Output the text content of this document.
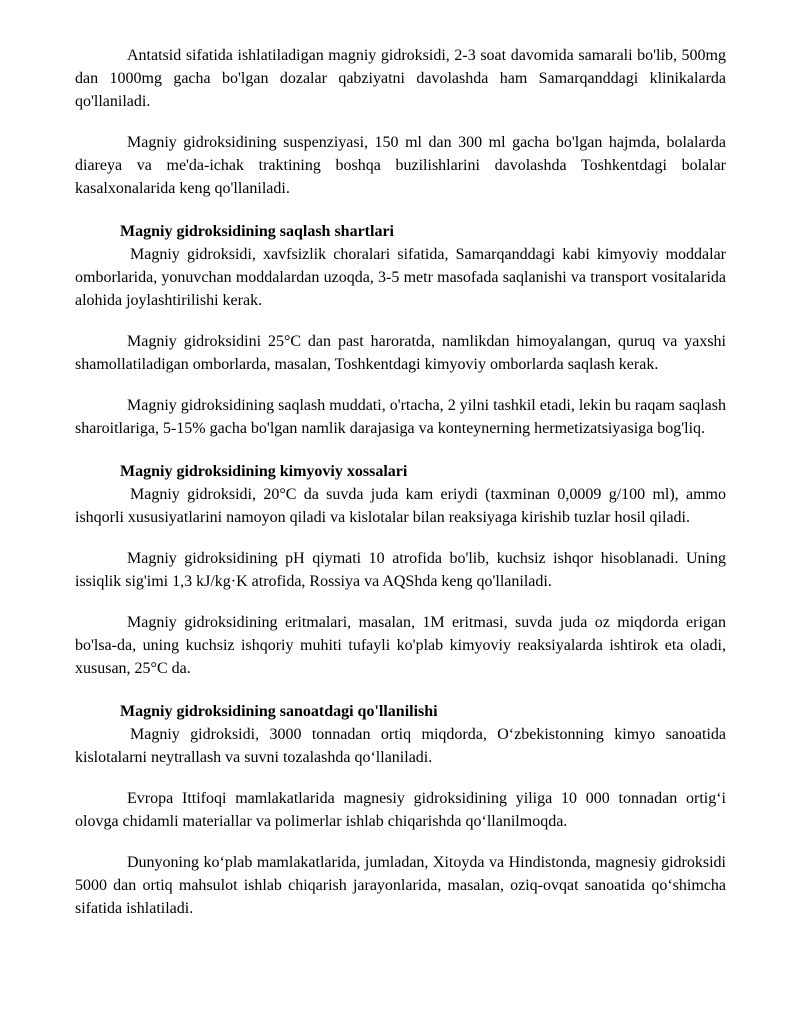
Antatsid sifatida ishlatiladigan magniy gidroksidi, 2-3 soat davomida samarali bo'lib, 500mg dan 1000mg gacha bo'lgan dozalar qabziyatni davolashda ham Samarqanddagi klinikalarda qo'llaniladi.

Magniy gidroksidining suspenziyasi, 150 ml dan 300 ml gacha bo'lgan hajmda, bolalarda diareya va me'da-ichak traktining boshqa buzilishlarini davolashda Toshkentdagi bolalar kasalxonalarida keng qo'llaniladi.

Magniy gidroksidining saqlash shartlari

Magniy gidroksidi, xavfsizlik choralari sifatida, Samarqanddagi kabi kimyoviy moddalar omborlarida, yonuvchan moddalardan uzoqda, 3-5 metr masofada saqlanishi va transport vositalarida alohida joylashtirilishi kerak.

Magniy gidroksidini 25°C dan past haroratda, namlikdan himoyalangan, quruq va yaxshi shamollatiladigan omborlarda, masalan, Toshkentdagi kimyoviy omborlarda saqlash kerak.

Magniy gidroksidining saqlash muddati, o'rtacha, 2 yilni tashkil etadi, lekin bu raqam saqlash sharoitlariga, 5-15% gacha bo'lgan namlik darajasiga va konteynerning hermetizatsiyasiga bog'liq.

Magniy gidroksidining kimyoviy xossalari

Magniy gidroksidi, 20°C da suvda juda kam eriydi (taxminan 0,0009 g/100 ml), ammo ishqorli xususiyatlarini namoyon qiladi va kislotalar bilan reaksiyaga kirishib tuzlar hosil qiladi.

Magniy gidroksidining pH qiymati 10 atrofida bo'lib, kuchsiz ishqor hisoblanadi. Uning issiqlik sig'imi 1,3 kJ/kg·K atrofida, Rossiya va AQShda keng qo'llaniladi.

Magniy gidroksidining eritmalari, masalan, 1M eritmasi, suvda juda oz miqdorda erigan bo'lsa-da, uning kuchsiz ishqoriy muhiti tufayli ko'plab kimyoviy reaksiyalarda ishtirok eta oladi, xususan, 25°C da.

Magniy gidroksidining sanoatdagi qo'llanilishi

Magniy gidroksidi, 3000 tonnadan ortiq miqdorda, O‘zbekistonning kimyo sanoatida kislotalarni neytrallash va suvni tozalashda qo‘llaniladi.

Evropa Ittifoqi mamlakatlarida magnesiy gidroksidining yiliga 10 000 tonnadan ortig‘i olovga chidamli materiallar va polimerlar ishlab chiqarishda qo‘llanilmoqda.

Dunyoning ko‘plab mamlakatlarida, jumladan, Xitoyda va Hindistonda, magnesiy gidroksidi 5000 dan ortiq mahsulot ishlab chiqarish jarayonlarida, masalan, oziq-ovqat sanoatida qo‘shimcha sifatida ishlatiladi.
